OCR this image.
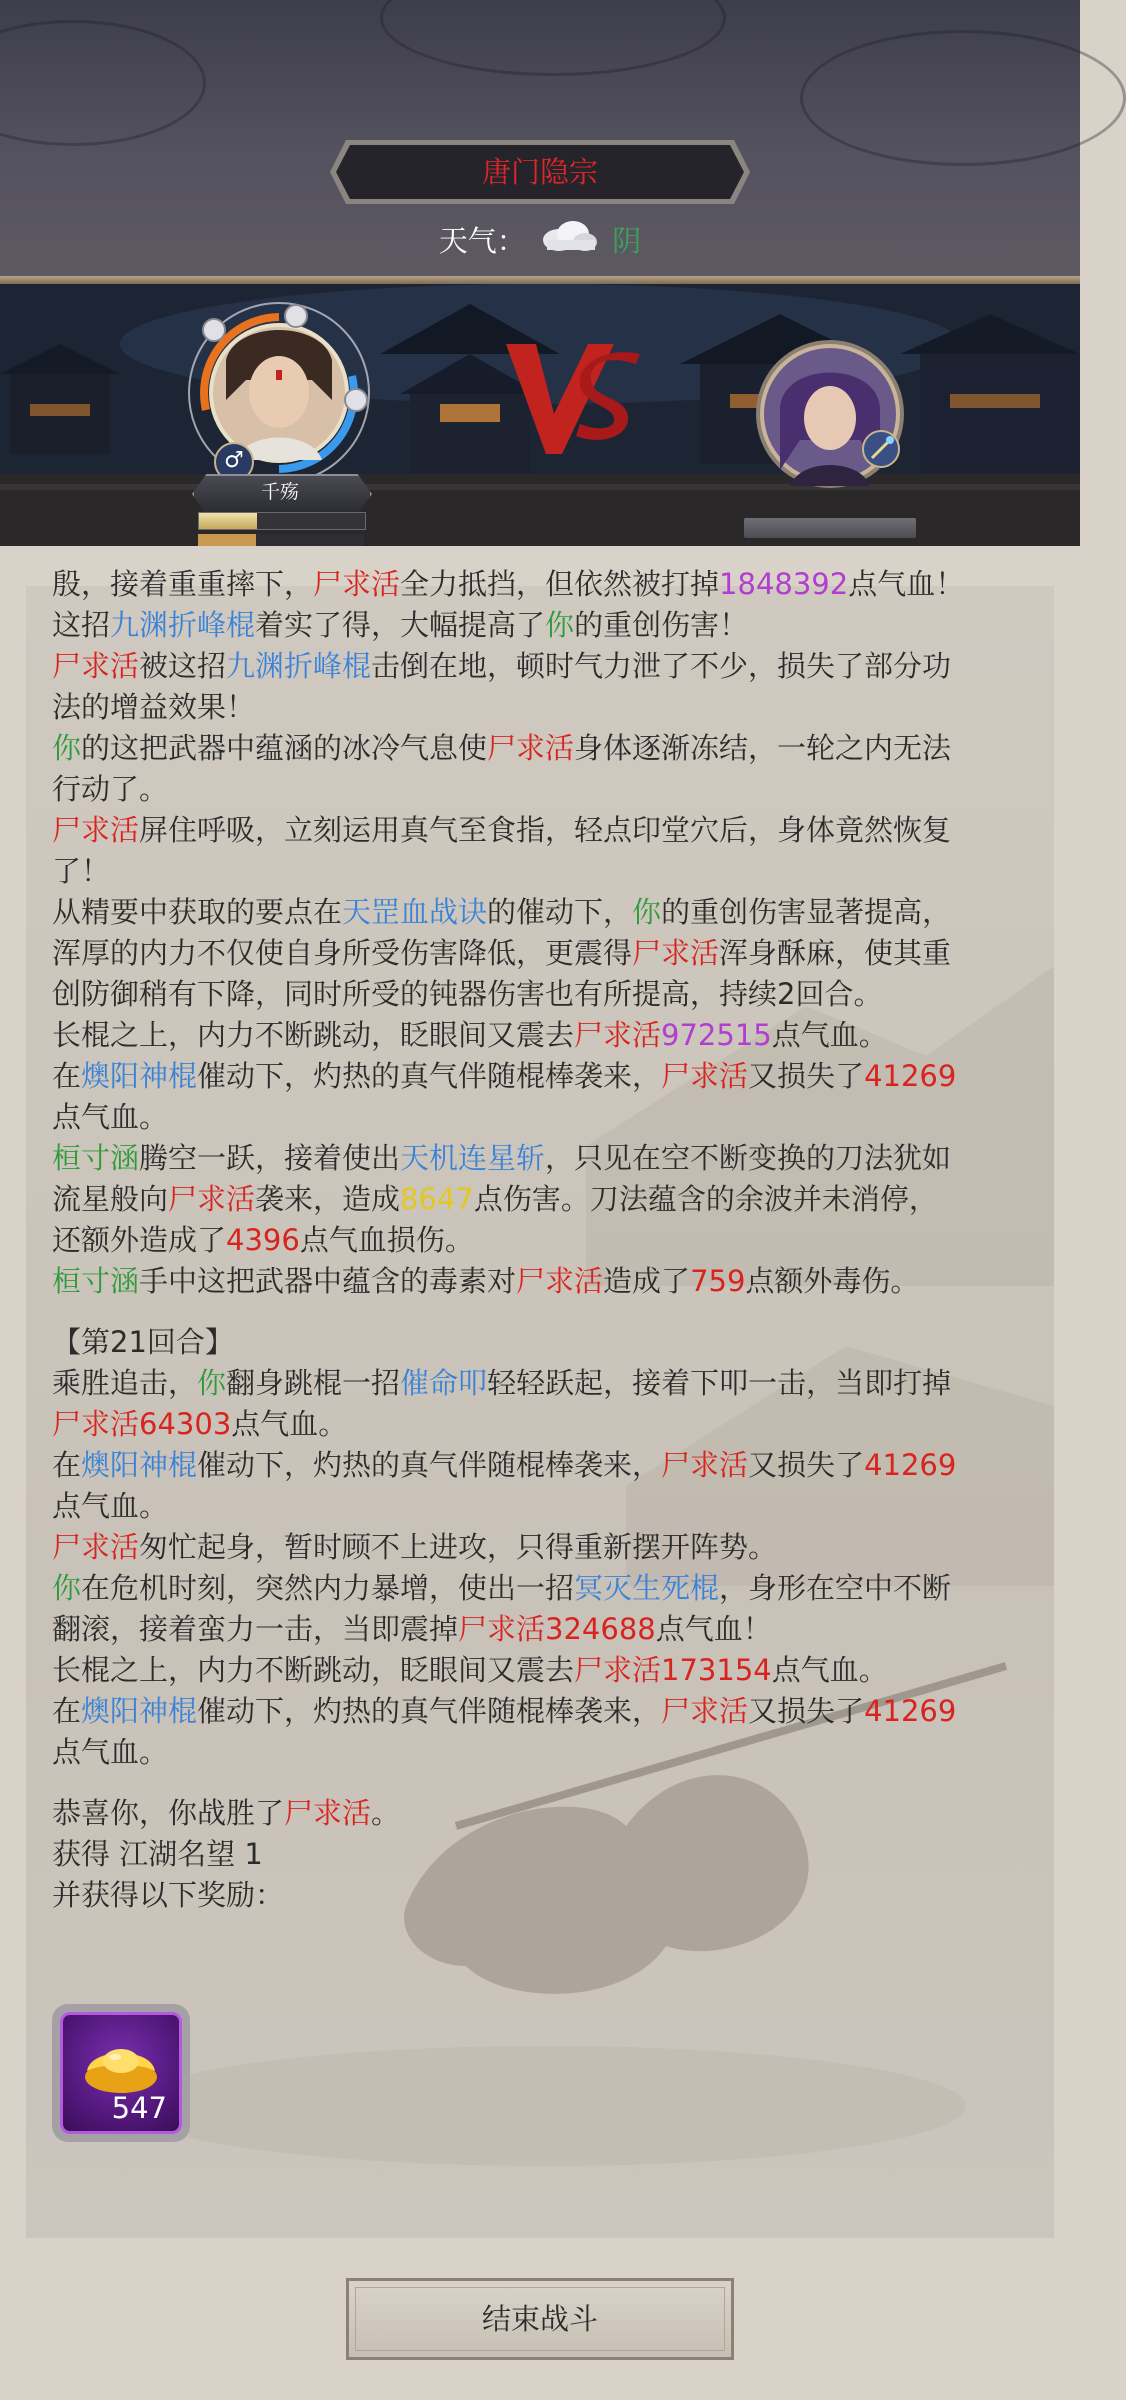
唐门隐宗
天气：	阴
♂
千殇
殷，接着重重摔下，尸求活全力抵挡，但依然被打掉1848392点气血！
这招九渊折峰棍着实了得，大幅提高了你的重创伤害！
尸求活被这招九渊折峰棍击倒在地，顿时气力泄了不少，损失了部分功
法的增益效果！
你的这把武器中蕴涵的冰冷气息使尸求活身体逐渐冻结，一轮之内无法
行动了。
尸求活屏住呼吸，立刻运用真气至食指，轻点印堂穴后，身体竟然恢复
了！
从精要中获取的要点在天罡血战诀的催动下，你的重创伤害显著提高，
浑厚的内力不仅使自身所受伤害降低，更震得尸求活浑身酥麻，使其重
创防御稍有下降，同时所受的钝器伤害也有所提高，持续2回合。
长棍之上，内力不断跳动，眨眼间又震去尸求活972515点气血。
在燠阳神棍催动下，灼热的真气伴随棍棒袭来，尸求活又损失了41269
点气血。
桓寸涵腾空一跃，接着使出天机连星斩，只见在空不断变换的刀法犹如
流星般向尸求活袭来，造成8647点伤害。刀法蕴含的余波并未消停，
还额外造成了4396点气血损伤。
桓寸涵手中这把武器中蕴含的毒素对尸求活造成了759点额外毒伤。
【第21回合】
乘胜追击，你翻身跳棍一招催命叩轻轻跃起，接着下叩一击，当即打掉
尸求活64303点气血。
在燠阳神棍催动下，灼热的真气伴随棍棒袭来，尸求活又损失了41269
点气血。
尸求活匆忙起身，暂时顾不上进攻，只得重新摆开阵势。
你在危机时刻，突然内力暴增，使出一招冥灭生死棍，身形在空中不断
翻滚，接着蛮力一击，当即震掉尸求活324688点气血！
长棍之上，内力不断跳动，眨眼间又震去尸求活173154点气血。
在燠阳神棍催动下，灼热的真气伴随棍棒袭来，尸求活又损失了41269
点气血。
恭喜你，你战胜了尸求活。
获得 江湖名望 1
并获得以下奖励：
547
结束战斗
